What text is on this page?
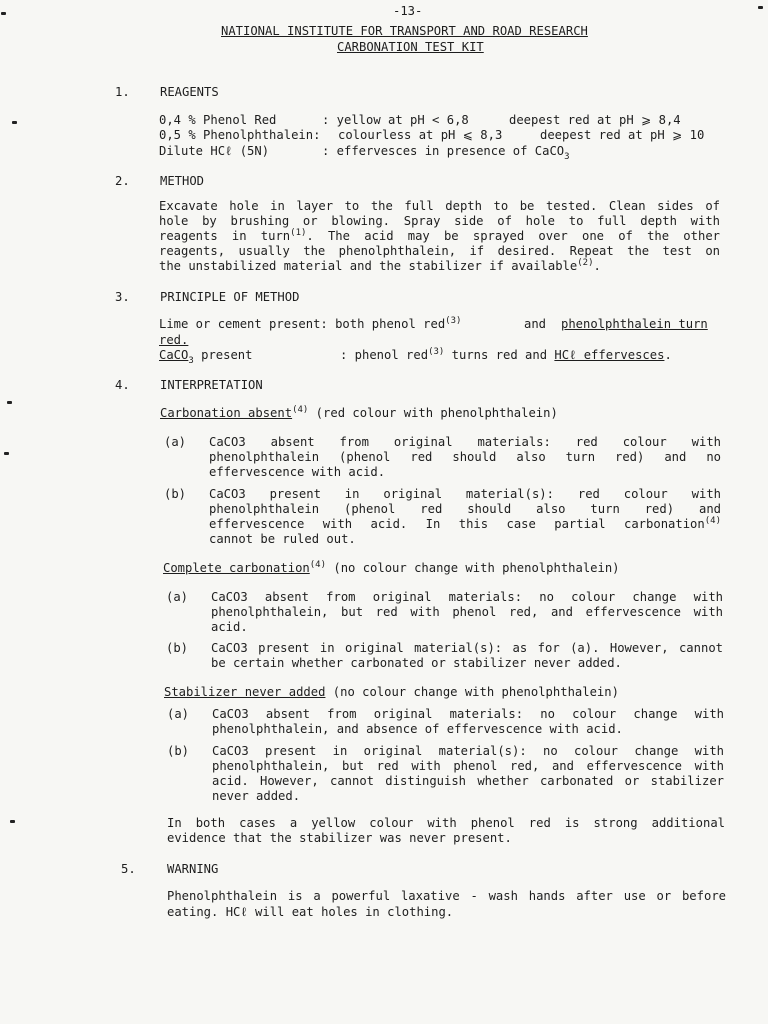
-13-
NATIONAL INSTITUTE FOR TRANSPORT AND ROAD RESEARCH
CARBONATION TEST KIT
1. REAGENTS
0,4 % Phenol Red	: yellow at pH < 6,8	deepest red at pH ⩾ 8,4
0,5 % Phenolphthalein: colourless at pH ⩽ 8,3	deepest red at pH ⩾ 10
Dilute HCℓ (5N)	: effervesces in presence of CaCO$_3$
2. METHOD
Excavate hole in layer to the full depth to be tested. Clean sides of
hole by brushing or blowing. Spray side of hole to full depth with
reagents in turn$^{(1)}$. The acid may be sprayed over one of the other
reagents, usually the phenolphthalein, if desired. Repeat the test on
the unstabilized material and the stabilizer if available$^{(2)}$.
3. PRINCIPLE OF METHOD
Lime or cement present: both phenol red$^{(3)}$	and phenolphthalein turn
red.
CaCO$_3$ present	: phenol red$^{(3)}$ turns red and HCℓ effervesces.
4. INTERPRETATION
Carbonation absent$^{(4)}$ (red colour with phenolphthalein)
(a) CaCO3 absent from original materials: red colour with
phenolphthalein (phenol red should also turn red) and no
effervescence with acid.
(b) CaCO3 present in original material(s): red colour with
phenolphthalein (phenol red should also turn red) and
effervescence with acid. In this case partial carbonation$^{(4)}$
cannot be ruled out.
Complete carbonation$^{(4)}$ (no colour change with phenolphthalein)
(a) CaCO3 absent from original materials: no colour change with
phenolphthalein, but red with phenol red, and effervescence with
acid.
(b) CaCO3 present in original material(s): as for (a). However, cannot
be certain whether carbonated or stabilizer never added.
Stabilizer never added (no colour change with phenolphthalein)
(a) CaCO3 absent from original materials: no colour change with
phenolphthalein, and absence of effervescence with acid.
(b) CaCO3 present in original material(s): no colour change with
phenolphthalein, but red with phenol red, and effervescence with
acid. However, cannot distinguish whether carbonated or stabilizer
never added.
In both cases a yellow colour with phenol red is strong additional
evidence that the stabilizer was never present.
5.	WARNING
Phenolphthalein is a powerful laxative - wash hands after use or before
eating. HCℓ will eat holes in clothing.
